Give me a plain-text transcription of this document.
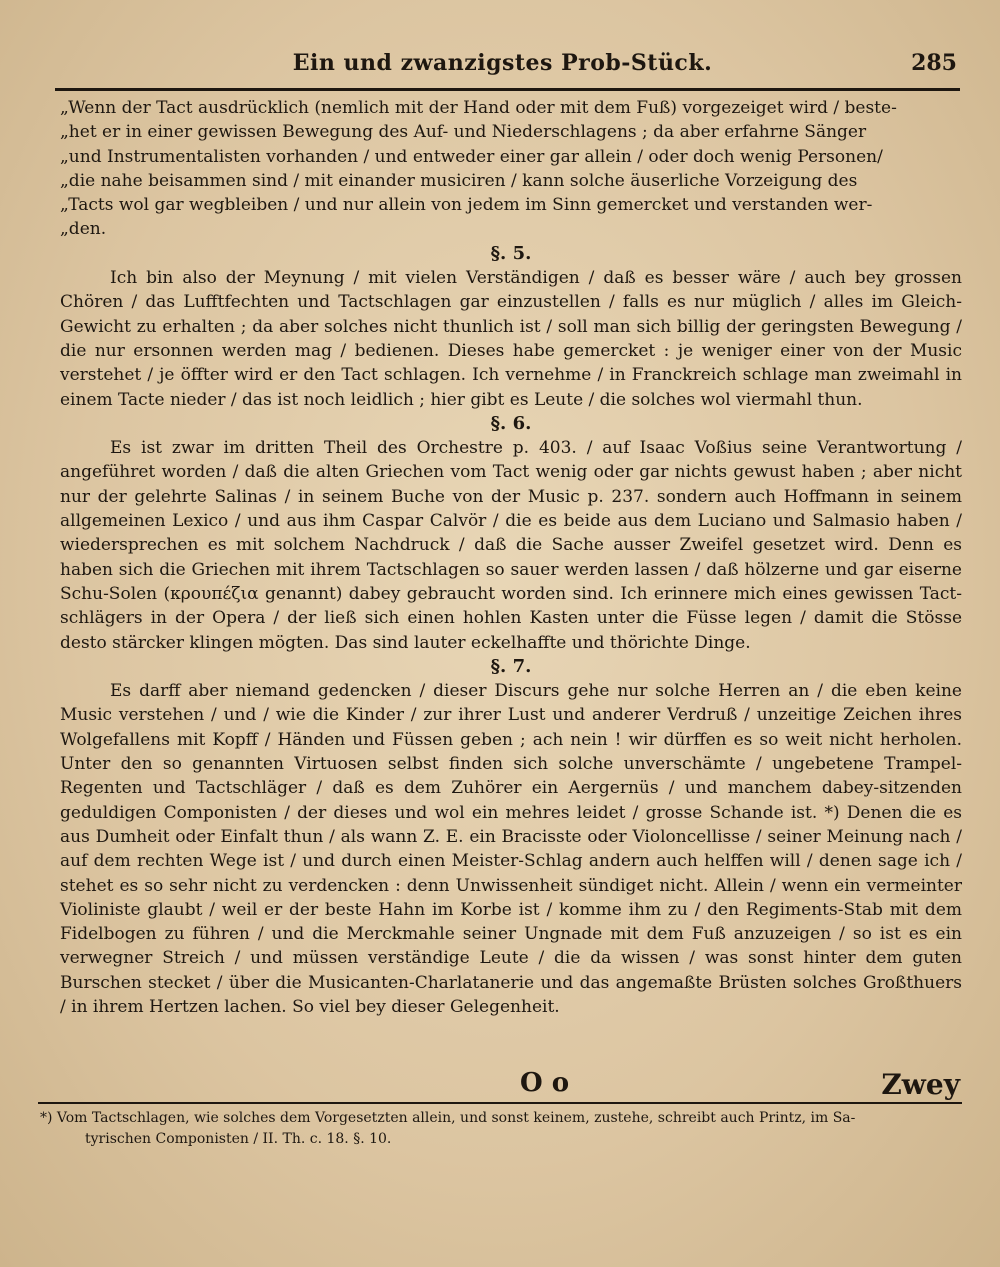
Ein und zwanzigstes Prob-Stück.	285

„Wenn der Tact ausdrücklich (nemlich mit der Hand oder mit dem Fuß) vorgezeiget wird / beste-

„het er in einer gewissen Bewegung des Auf- und Niederschlagens ; da aber erfahrne Sänger

„und Instrumentalisten vorhanden / und entweder einer gar allein / oder doch wenig Personen/

„die nahe beisammen sind / mit einander musiciren / kann solche äuserliche Vorzeigung des

„Tacts wol gar wegbleiben / und nur allein von jedem im Sinn gemercket und verstanden wer-

„den.

§. 5.

Ich bin also der Meynung / mit vielen Verständigen / daß es besser wäre / auch bey grossen Chören / das Lufftfechten und Tactschlagen gar einzustellen / falls es nur müglich / alles im Gleich-Gewicht zu erhalten ; da aber solches nicht thunlich ist / soll man sich billig der geringsten Bewegung / die nur ersonnen werden mag / bedienen. Dieses habe gemercket : je weniger einer von der Music verstehet / je öffter wird er den Tact schlagen. Ich vernehme / in Franckreich schlage man zweimahl in einem Tacte nieder / das ist noch leidlich ; hier gibt es Leute / die solches wol viermahl thun.

§. 6.

Es ist zwar im dritten Theil des Orchestre p. 403. / auf Isaac Voßius seine Verantwortung / angeführet worden / daß die alten Griechen vom Tact wenig oder gar nichts gewust haben ; aber nicht nur der gelehrte Salinas / in seinem Buche von der Music p. 237. sondern auch Hoffmann in seinem allgemeinen Lexico / und aus ihm Caspar Calvör / die es beide aus dem Luciano und Salmasio haben / wiedersprechen es mit solchem Nachdruck / daß die Sache ausser Zweifel gesetzet wird. Denn es haben sich die Griechen mit ihrem Tactschlagen so sauer werden lassen / daß hölzerne und gar eiserne Schu-Solen (κρουπέζια genannt) dabey gebraucht worden sind. Ich erinnere mich eines gewissen Tact-schlägers in der Opera / der ließ sich einen hohlen Kasten unter die Füsse legen / damit die Stösse desto stärcker klingen mögten. Das sind lauter eckelhaffte und thörichte Dinge.

§. 7.

Es darff aber niemand gedencken / dieser Discurs gehe nur solche Herren an / die eben keine Music verstehen / und / wie die Kinder / zur ihrer Lust und anderer Verdruß / unzeitige Zeichen ihres Wolgefallens mit Kopff / Händen und Füssen geben ; ach nein ! wir dürffen es so weit nicht herholen. Unter den so genannten Virtuosen selbst finden sich solche unverschämte / ungebetene Trampel-Regenten und Tactschläger / daß es dem Zuhörer ein Aergernüs / und manchem dabey-sitzenden geduldigen Componisten / der dieses und wol ein mehres leidet / grosse Schande ist. *) Denen die es aus Dumheit oder Einfalt thun / als wann Z. E. ein Bracisste oder Violoncellisse / seiner Meinung nach / auf dem rechten Wege ist / und durch einen Meister-Schlag andern auch helffen will / denen sage ich / stehet es so sehr nicht zu verdencken : denn Unwissenheit sündiget nicht. Allein / wenn ein vermeinter Violiniste glaubt / weil er der beste Hahn im Korbe ist / komme ihm zu / den Regiments-Stab mit dem Fidelbogen zu führen / und die Merckmahle seiner Ungnade mit dem Fuß anzuzeigen / so ist es ein verwegner Streich / und müssen verständige Leute / die da wissen / was sonst hinter dem guten Burschen stecket / über die Musicanten-Charlatanerie und das angemaßte Brüsten solches Großthuers / in ihrem Hertzen lachen. So viel bey dieser Gelegenheit.

O o	Zwey
*) Vom Tactschlagen, wie solches dem Vorgesetzten allein, und sonst keinem, zustehe, schreibt auch Printz, im Sa-
tyrischen Componisten / II. Th. c. 18. §. 10.
